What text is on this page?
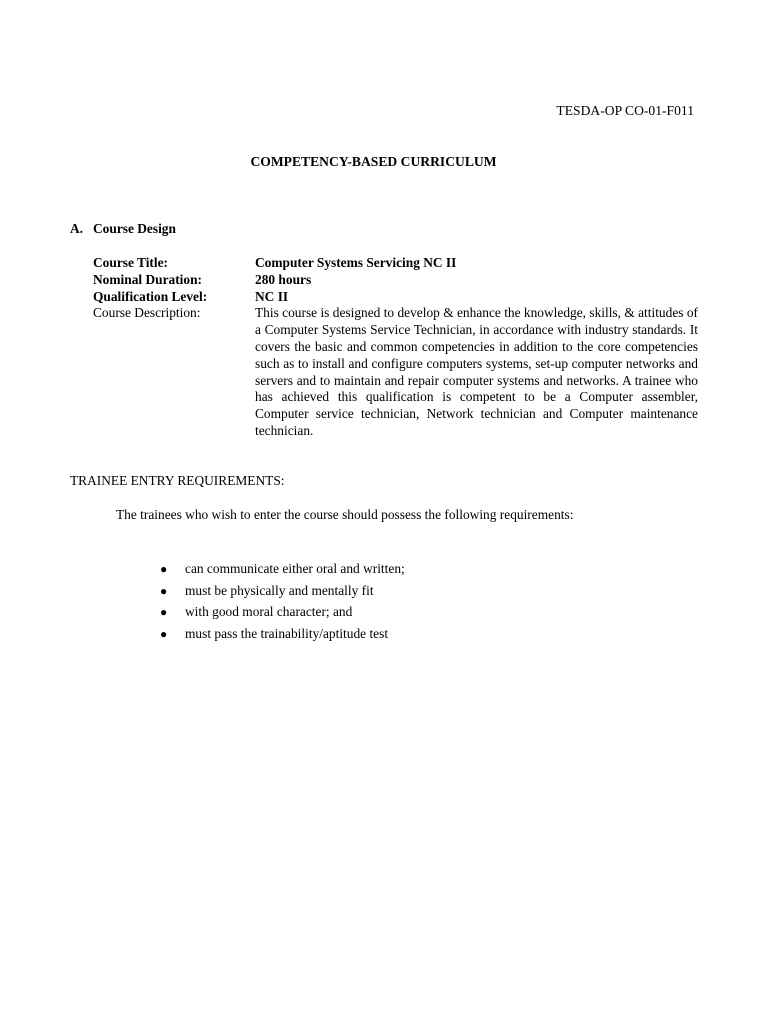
TESDA-OP CO-01-F011
COMPETENCY-BASED CURRICULUM
A. Course Design
Course Title:	Computer Systems Servicing NC II
Nominal Duration:	280 hours
Qualification Level:	NC II
Course Description:	This course is designed to develop & enhance the knowledge, skills, & attitudes of a Computer Systems Service Technician, in accordance with industry standards. It covers the basic and common competencies in addition to the core competencies such as to install and configure computers systems, set-up computer networks and servers and to maintain and repair computer systems and networks. A trainee who has achieved this qualification is competent to be a Computer assembler, Computer service technician, Network technician and Computer maintenance technician.
TRAINEE ENTRY REQUIREMENTS:
The trainees who wish to enter the course should possess the following requirements:
●	can communicate either oral and written;
●	must be physically and mentally fit
●	with good moral character; and
●	must pass the trainability/aptitude test
